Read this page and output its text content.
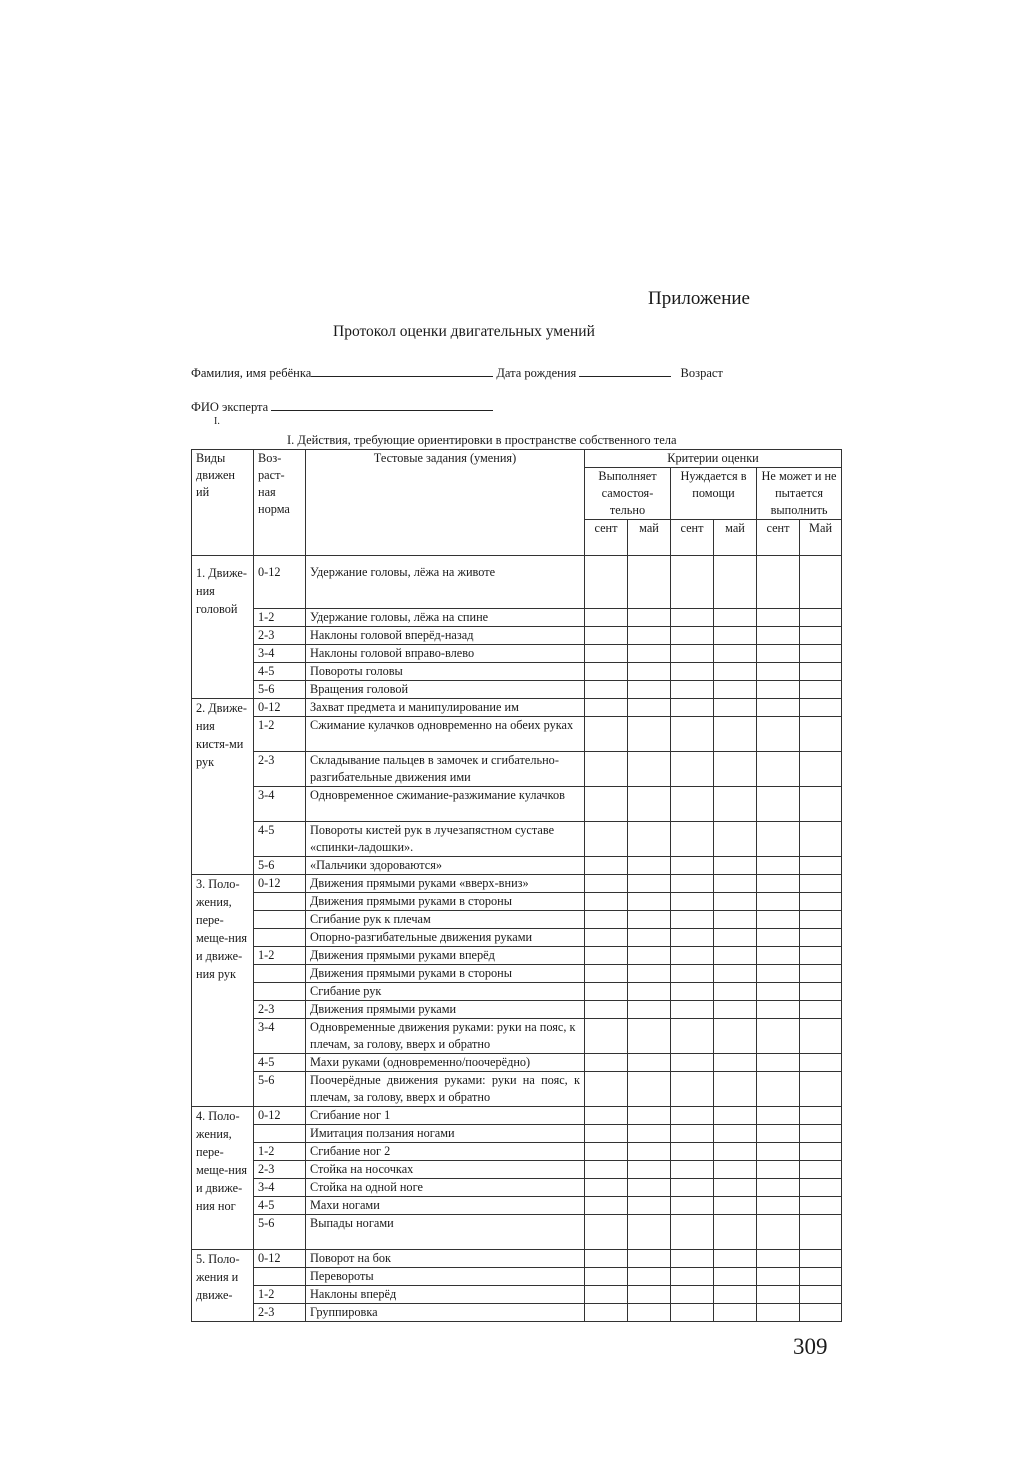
Приложение
Протокол оценки двигательных умений
Фамилия, имя ребёнка	Дата рождения	Возраст
ФИО эксперта
I.
I. Действия, требующие ориентировки в пространстве собственного тела
Виды движен ий	Воз-раст-ная норма	Тестовые задания (умения)	Критерии оценки					
			Выполняет самостоя-тельно		Нуждается в помощи		Не может и не пытается выполнить	
			сент	май	сент	май	сент	Май
1. Движе-ния головой	0-12	Удержание головы, лёжа на животе						
	1-2	Удержание головы, лёжа на спине						
	2-3	Наклоны головой вперёд-назад						
	3-4	Наклоны головой вправо-влево						
	4-5	Повороты головы						
	5-6	Вращения головой						
2. Движе-ния кистя-ми рук	0-12	Захват предмета и манипулирование им						
	1-2	Сжимание кулачков одновременно на обеих руках						
	2-3	Складывание пальцев в замочек и сгибательно-разгибательные движения ими						
	3-4	Одновременное сжимание-разжимание кулачков						
	4-5	Повороты кистей рук в лучезапястном суставе «спинки-ладошки».						
	5-6	«Пальчики здороваются»						
3. Поло-жения, пере-меще-ния и движе-ния рук	0-12	Движения прямыми руками «вверх-вниз»						
		Движения прямыми руками в стороны						
		Сгибание рук к плечам						
		Опорно-разгибательные движения руками						
	1-2	Движения прямыми руками вперёд						
		Движения прямыми руками в стороны						
		Сгибание рук						
	2-3	Движения прямыми руками						
	3-4	Одновременные движения руками: руки на пояс, к плечам, за голову, вверх и обратно						
	4-5	Махи руками (одновременно/поочерёдно)						
	5-6	Поочерёдные движения руками: руки на пояс, к плечам, за голову, вверх и обратно						
4. Поло-жения, пере-меще-ния и движе-ния ног	0-12	Сгибание ног 1						
		Имитация ползания ногами						
	1-2	Сгибание ног 2						
	2-3	Стойка на носочках						
	3-4	Стойка на одной ноге						
	4-5	Махи ногами						
	5-6	Выпады ногами						
5. Поло-жения и движе-	0-12	Поворот на бок						
		Перевороты						
	1-2	Наклоны вперёд						
	2-3	Группировка						
309
